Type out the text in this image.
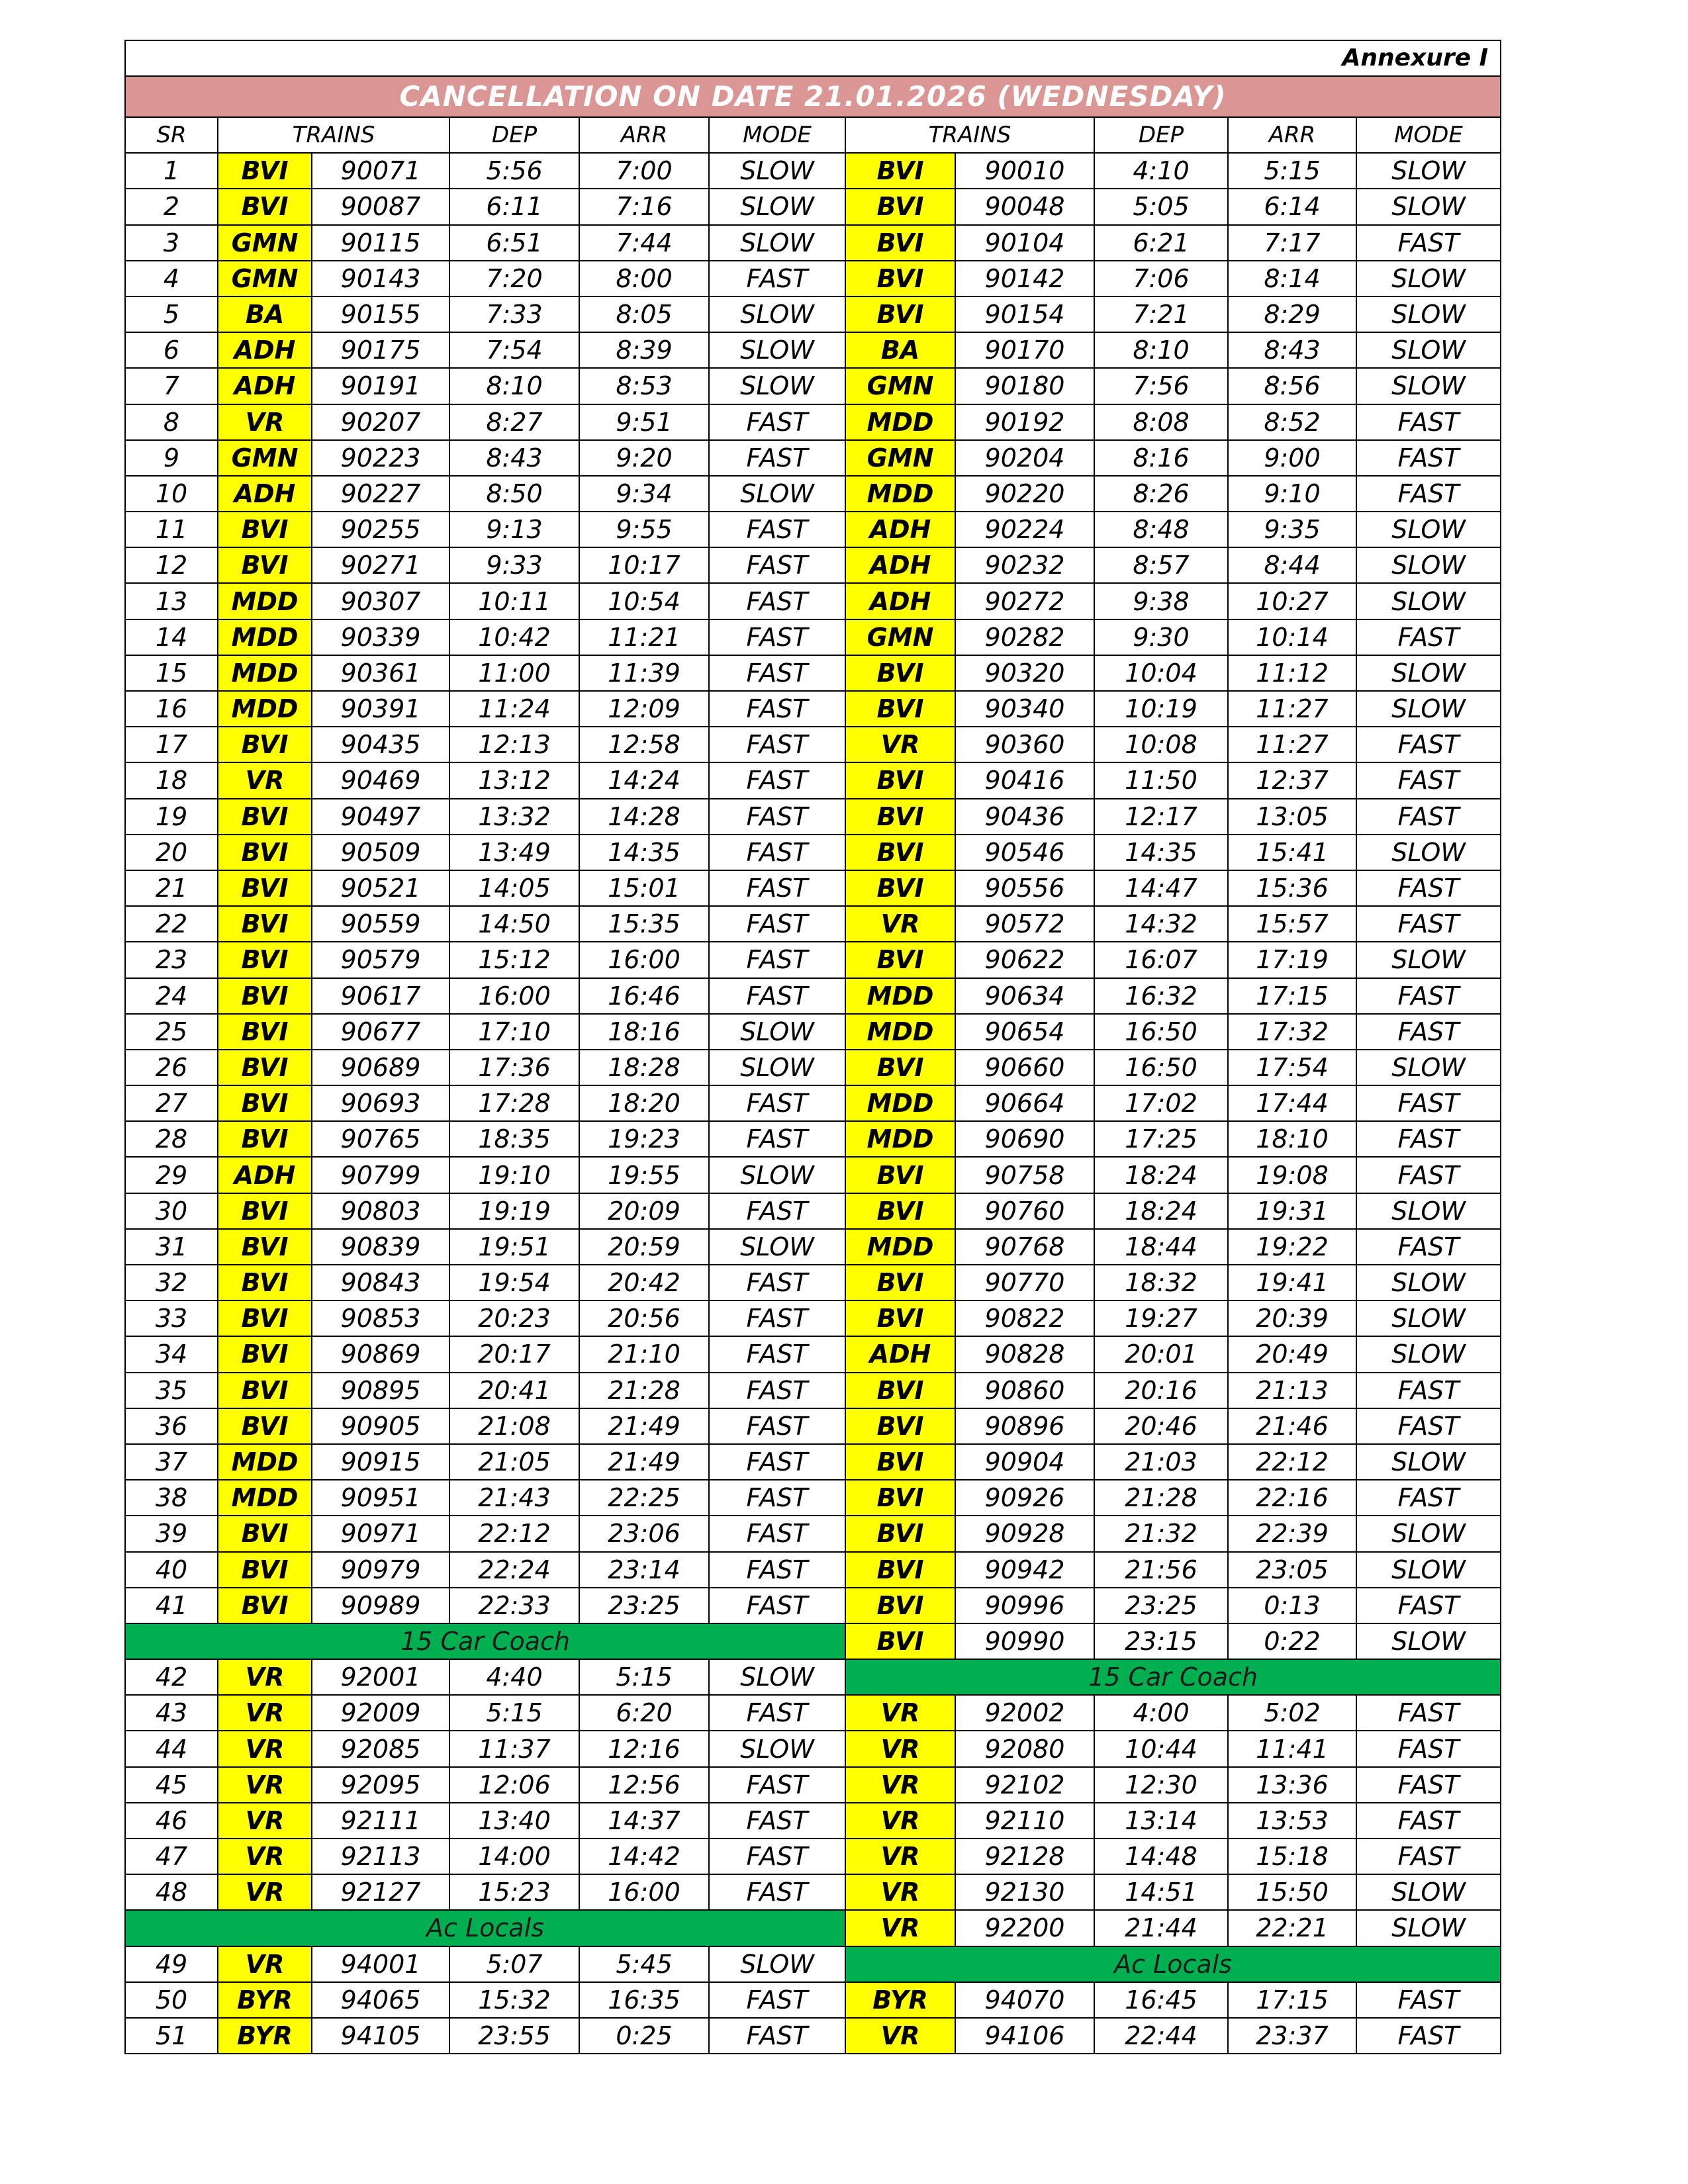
Annexure I										
CANCELLATION ON DATE 21.01.2026 (WEDNESDAY)										
SR	TRAINS		DEP	ARR	MODE	TRAINS		DEP	ARR	MODE
1	BVI	90071	5:56	7:00	SLOW	BVI	90010	4:10	5:15	SLOW
2	BVI	90087	6:11	7:16	SLOW	BVI	90048	5:05	6:14	SLOW
3	GMN	90115	6:51	7:44	SLOW	BVI	90104	6:21	7:17	FAST
4	GMN	90143	7:20	8:00	FAST	BVI	90142	7:06	8:14	SLOW
5	BA	90155	7:33	8:05	SLOW	BVI	90154	7:21	8:29	SLOW
6	ADH	90175	7:54	8:39	SLOW	BA	90170	8:10	8:43	SLOW
7	ADH	90191	8:10	8:53	SLOW	GMN	90180	7:56	8:56	SLOW
8	VR	90207	8:27	9:51	FAST	MDD	90192	8:08	8:52	FAST
9	GMN	90223	8:43	9:20	FAST	GMN	90204	8:16	9:00	FAST
10	ADH	90227	8:50	9:34	SLOW	MDD	90220	8:26	9:10	FAST
11	BVI	90255	9:13	9:55	FAST	ADH	90224	8:48	9:35	SLOW
12	BVI	90271	9:33	10:17	FAST	ADH	90232	8:57	8:44	SLOW
13	MDD	90307	10:11	10:54	FAST	ADH	90272	9:38	10:27	SLOW
14	MDD	90339	10:42	11:21	FAST	GMN	90282	9:30	10:14	FAST
15	MDD	90361	11:00	11:39	FAST	BVI	90320	10:04	11:12	SLOW
16	MDD	90391	11:24	12:09	FAST	BVI	90340	10:19	11:27	SLOW
17	BVI	90435	12:13	12:58	FAST	VR	90360	10:08	11:27	FAST
18	VR	90469	13:12	14:24	FAST	BVI	90416	11:50	12:37	FAST
19	BVI	90497	13:32	14:28	FAST	BVI	90436	12:17	13:05	FAST
20	BVI	90509	13:49	14:35	FAST	BVI	90546	14:35	15:41	SLOW
21	BVI	90521	14:05	15:01	FAST	BVI	90556	14:47	15:36	FAST
22	BVI	90559	14:50	15:35	FAST	VR	90572	14:32	15:57	FAST
23	BVI	90579	15:12	16:00	FAST	BVI	90622	16:07	17:19	SLOW
24	BVI	90617	16:00	16:46	FAST	MDD	90634	16:32	17:15	FAST
25	BVI	90677	17:10	18:16	SLOW	MDD	90654	16:50	17:32	FAST
26	BVI	90689	17:36	18:28	SLOW	BVI	90660	16:50	17:54	SLOW
27	BVI	90693	17:28	18:20	FAST	MDD	90664	17:02	17:44	FAST
28	BVI	90765	18:35	19:23	FAST	MDD	90690	17:25	18:10	FAST
29	ADH	90799	19:10	19:55	SLOW	BVI	90758	18:24	19:08	FAST
30	BVI	90803	19:19	20:09	FAST	BVI	90760	18:24	19:31	SLOW
31	BVI	90839	19:51	20:59	SLOW	MDD	90768	18:44	19:22	FAST
32	BVI	90843	19:54	20:42	FAST	BVI	90770	18:32	19:41	SLOW
33	BVI	90853	20:23	20:56	FAST	BVI	90822	19:27	20:39	SLOW
34	BVI	90869	20:17	21:10	FAST	ADH	90828	20:01	20:49	SLOW
35	BVI	90895	20:41	21:28	FAST	BVI	90860	20:16	21:13	FAST
36	BVI	90905	21:08	21:49	FAST	BVI	90896	20:46	21:46	FAST
37	MDD	90915	21:05	21:49	FAST	BVI	90904	21:03	22:12	SLOW
38	MDD	90951	21:43	22:25	FAST	BVI	90926	21:28	22:16	FAST
39	BVI	90971	22:12	23:06	FAST	BVI	90928	21:32	22:39	SLOW
40	BVI	90979	22:24	23:14	FAST	BVI	90942	21:56	23:05	SLOW
41	BVI	90989	22:33	23:25	FAST	BVI	90996	23:25	0:13	FAST
15 Car Coach						BVI	90990	23:15	0:22	SLOW
42	VR	92001	4:40	5:15	SLOW	15 Car Coach				
43	VR	92009	5:15	6:20	FAST	VR	92002	4:00	5:02	FAST
44	VR	92085	11:37	12:16	SLOW	VR	92080	10:44	11:41	FAST
45	VR	92095	12:06	12:56	FAST	VR	92102	12:30	13:36	FAST
46	VR	92111	13:40	14:37	FAST	VR	92110	13:14	13:53	FAST
47	VR	92113	14:00	14:42	FAST	VR	92128	14:48	15:18	FAST
48	VR	92127	15:23	16:00	FAST	VR	92130	14:51	15:50	SLOW
Ac Locals						VR	92200	21:44	22:21	SLOW
49	VR	94001	5:07	5:45	SLOW	Ac Locals				
50	BYR	94065	15:32	16:35	FAST	BYR	94070	16:45	17:15	FAST
51	BYR	94105	23:55	0:25	FAST	VR	94106	22:44	23:37	FAST
